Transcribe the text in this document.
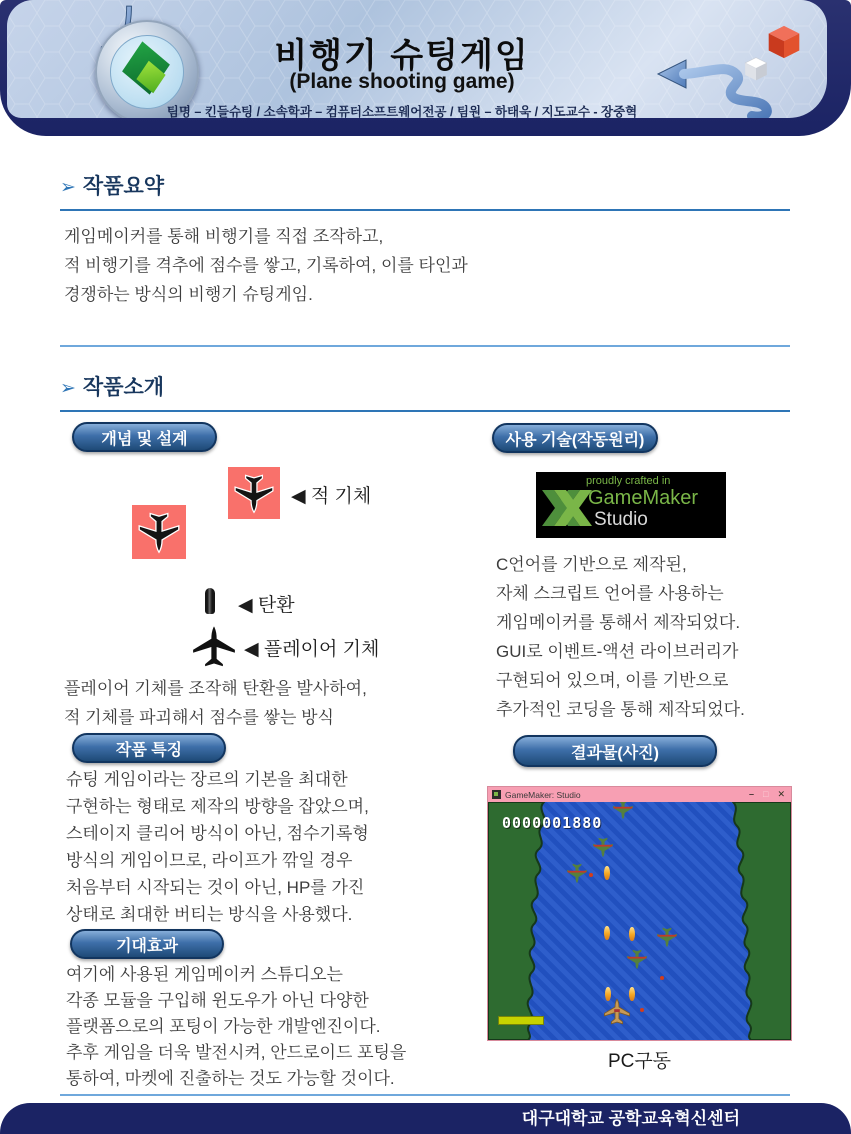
비행기 슈팅게임
(Plane shooting game)
팀명 – 킨들슈팅 / 소속학과 – 컴퓨터소프트웨어전공 / 팀원 – 하태욱 / 지도교수 - 장중혁
➢ 작품요약
게임메이커를 통해 비행기를 직접 조작하고,
적 비행기를 격추에 점수를 쌓고, 기록하여, 이를 타인과
경쟁하는 방식의 비행기 슈팅게임.
➢ 작품소개
개념 및 설계
◀ 적 기체
◀ 탄환
◀ 플레이어 기체
플레이어 기체를 조작해 탄환을 발사하여,
적 기체를 파괴해서 점수를 쌓는 방식
작품 특징
슈팅 게임이라는 장르의 기본을 최대한
구현하는 형태로 제작의 방향을 잡았으며,
스테이지 클리어 방식이 아닌, 점수기록형
방식의 게임이므로, 라이프가 깎일 경우
처음부터 시작되는 것이 아닌, HP를 가진
상태로 최대한 버티는 방식을 사용했다.
기대효과
여기에 사용된 게임메이커 스튜디오는
각종 모듈을 구입해 윈도우가 아닌 다양한
플랫폼으로의 포팅이 가능한 개발엔진이다.
추후 게임을 더욱 발전시켜, 안드로이드 포팅을
통하여, 마켓에 진출하는 것도 가능할 것이다.
사용 기술(작동원리)
proudly crafted in
GameMaker
Studio
C언어를 기반으로 제작된,
자체 스크립트 언어를 사용하는
게임메이커를 통해서 제작되었다.
GUI로 이벤트-액션 라이브러리가
구현되어 있으며, 이를 기반으로
추가적인 코딩을 통해 제작되었다.
결과물(사진)
GameMaker: Studio	– □ ✕
0000001880
PC구동
대구대학교 공학교육혁신센터
